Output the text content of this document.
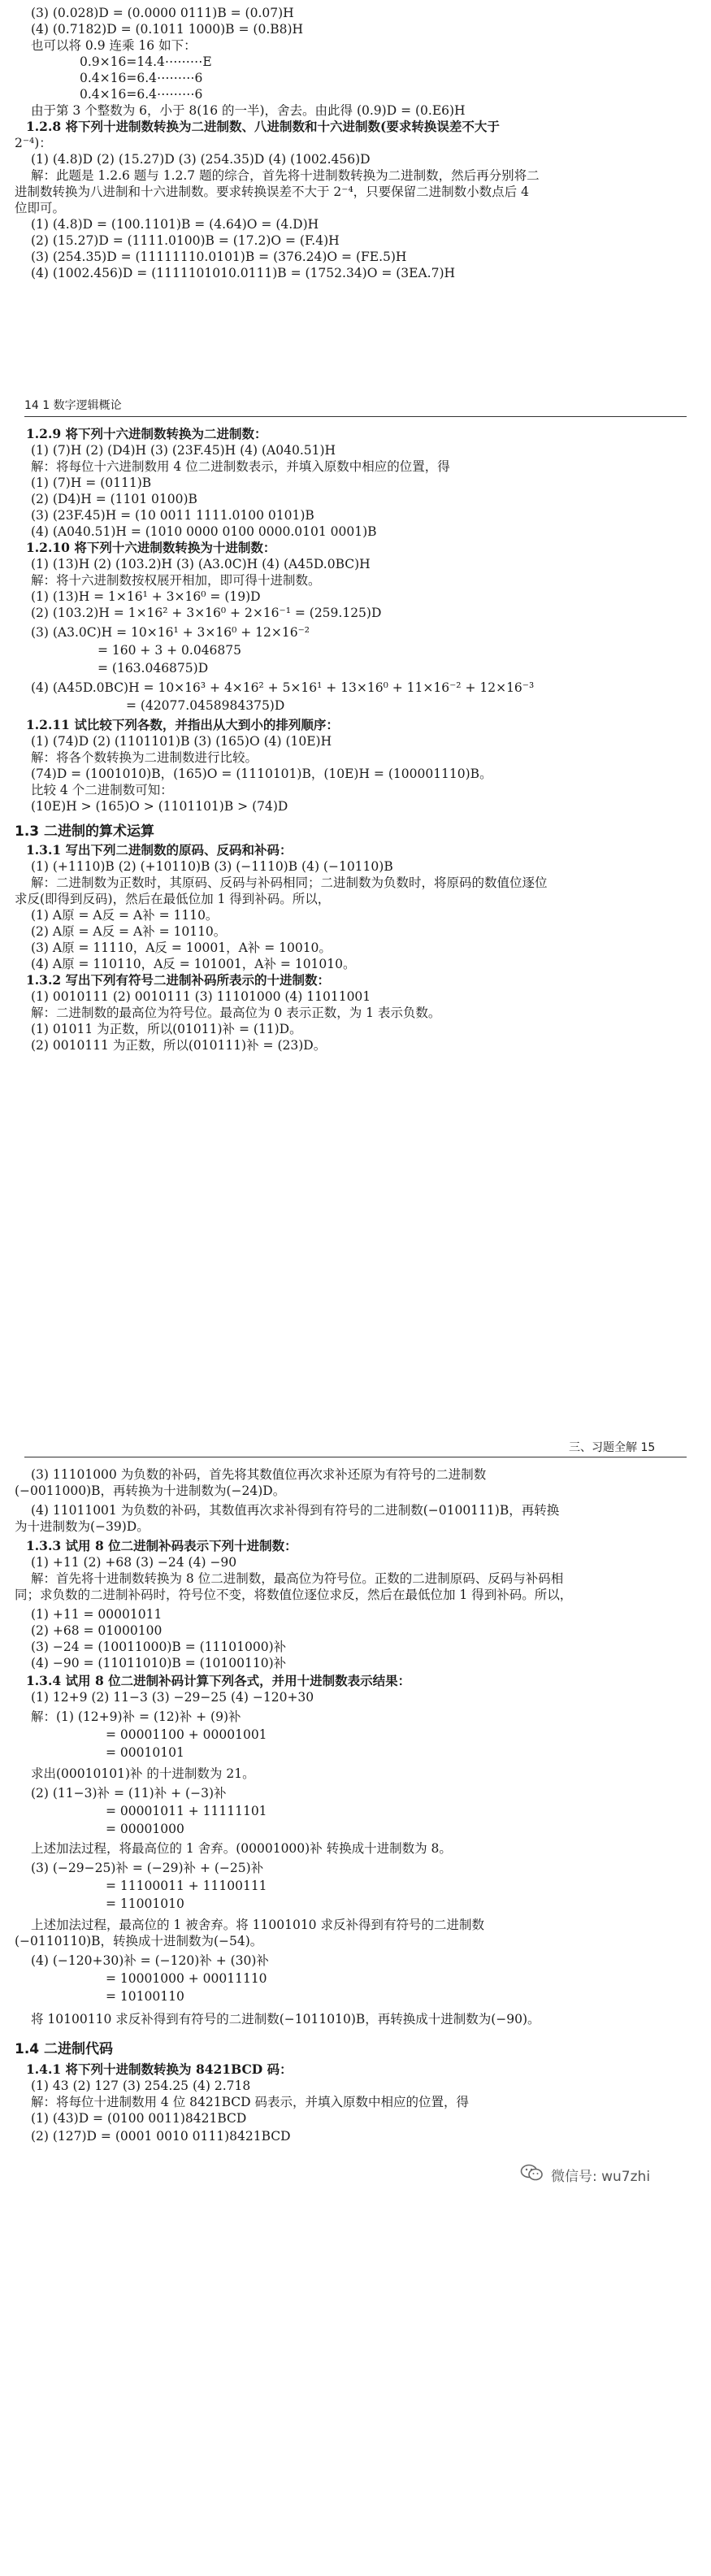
(3) (0.028)D = (0.0000 0111)B = (0.07)H
(4) (0.7182)D = (0.1011 1000)B = (0.B8)H
也可以将 0.9 连乘 16 如下：
0.9×16=14.4⋯⋯⋯E
0.4×16=6.4⋯⋯⋯6
0.4×16=6.4⋯⋯⋯6
由于第 3 个整数为 6，小于 8(16 的一半)，舍去。由此得 (0.9)D = (0.E6)H
1.2.8 将下列十进制数转换为二进制数、八进制数和十六进制数(要求转换误差不大于
2⁻⁴)：
(1) (4.8)D (2) (15.27)D (3) (254.35)D (4) (1002.456)D
解：此题是 1.2.6 题与 1.2.7 题的综合，首先将十进制数转换为二进制数，然后再分别将二
进制数转换为八进制和十六进制数。要求转换误差不大于 2⁻⁴，只要保留二进制数小数点后 4
位即可。
(1) (4.8)D = (100.1101)B = (4.64)O = (4.D)H
(2) (15.27)D = (1111.0100)B = (17.2)O = (F.4)H
(3) (254.35)D = (11111110.0101)B = (376.24)O = (FE.5)H
(4) (1002.456)D = (1111101010.0111)B = (1752.34)O = (3EA.7)H
14 1 数字逻辑概论
1.2.9 将下列十六进制数转换为二进制数：
(1) (7)H (2) (D4)H (3) (23F.45)H (4) (A040.51)H
解：将每位十六进制数用 4 位二进制数表示，并填入原数中相应的位置，得
(1) (7)H = (0111)B
(2) (D4)H = (1101 0100)B
(3) (23F.45)H = (10 0011 1111.0100 0101)B
(4) (A040.51)H = (1010 0000 0100 0000.0101 0001)B
1.2.10 将下列十六进制数转换为十进制数：
(1) (13)H (2) (103.2)H (3) (A3.0C)H (4) (A45D.0BC)H
解：将十六进制数按权展开相加，即可得十进制数。
(1) (13)H = 1×16¹ + 3×16⁰ = (19)D
(2) (103.2)H = 1×16² + 3×16⁰ + 2×16⁻¹ = (259.125)D
(3) (A3.0C)H = 10×16¹ + 3×16⁰ + 12×16⁻²
= 160 + 3 + 0.046875
= (163.046875)D
(4) (A45D.0BC)H = 10×16³ + 4×16² + 5×16¹ + 13×16⁰ + 11×16⁻² + 12×16⁻³
= (42077.0458984375)D
1.2.11 试比较下列各数，并指出从大到小的排列顺序：
(1) (74)D (2) (1101101)B (3) (165)O (4) (10E)H
解：将各个数转换为二进制数进行比较。
(74)D = (1001010)B，(165)O = (1110101)B，(10E)H = (100001110)B。
比较 4 个二进制数可知：
(10E)H > (165)O > (1101101)B > (74)D
1.3 二进制的算术运算
1.3.1 写出下列二进制数的原码、反码和补码：
(1) (+1110)B (2) (+10110)B (3) (−1110)B (4) (−10110)B
解：二进制数为正数时，其原码、反码与补码相同；二进制数为负数时，将原码的数值位逐位
求反(即得到反码)，然后在最低位加 1 得到补码。所以，
(1) A原 = A反 = A补 = 1110。
(2) A原 = A反 = A补 = 10110。
(3) A原 = 11110，A反 = 10001，A补 = 10010。
(4) A原 = 110110，A反 = 101001，A补 = 101010。
1.3.2 写出下列有符号二进制补码所表示的十进制数：
(1) 0010111 (2) 0010111 (3) 11101000 (4) 11011001
解：二进制数的最高位为符号位。最高位为 0 表示正数，为 1 表示负数。
(1) 01011 为正数，所以(01011)补 = (11)D。
(2) 0010111 为正数，所以(010111)补 = (23)D。
三、习题全解 15
(3) 11101000 为负数的补码，首先将其数值位再次求补还原为有符号的二进制数
(−0011000)B，再转换为十进制数为(−24)D。
(4) 11011001 为负数的补码，其数值再次求补得到有符号的二进制数(−0100111)B，再转换
为十进制数为(−39)D。
1.3.3 试用 8 位二进制补码表示下列十进制数：
(1) +11 (2) +68 (3) −24 (4) −90
解：首先将十进制数转换为 8 位二进制数，最高位为符号位。正数的二进制原码、反码与补码相
同；求负数的二进制补码时，符号位不变，将数值位逐位求反，然后在最低位加 1 得到补码。所以，
(1) +11 = 00001011
(2) +68 = 01000100
(3) −24 = (10011000)B = (11101000)补
(4) −90 = (11011010)B = (10100110)补
1.3.4 试用 8 位二进制补码计算下列各式，并用十进制数表示结果：
(1) 12+9 (2) 11−3 (3) −29−25 (4) −120+30
解：(1) (12+9)补 = (12)补 + (9)补
= 00001100 + 00001001
= 00010101
求出(00010101)补 的十进制数为 21。
(2) (11−3)补 = (11)补 + (−3)补
= 00001011 + 11111101
= 00001000
上述加法过程，将最高位的 1 舍弃。(00001000)补 转换成十进制数为 8。
(3) (−29−25)补 = (−29)补 + (−25)补
= 11100011 + 11100111
= 11001010
上述加法过程，最高位的 1 被舍弃。将 11001010 求反补得到有符号的二进制数
(−0110110)B，转换成十进制数为(−54)。
(4) (−120+30)补 = (−120)补 + (30)补
= 10001000 + 00011110
= 10100110
将 10100110 求反补得到有符号的二进制数(−1011010)B，再转换成十进制数为(−90)。
1.4 二进制代码
1.4.1 将下列十进制数转换为 8421BCD 码：
(1) 43 (2) 127 (3) 254.25 (4) 2.718
解：将每位十进制数用 4 位 8421BCD 码表示，并填入原数中相应的位置，得
(1) (43)D = (0100 0011)8421BCD
(2) (127)D = (0001 0010 0111)8421BCD
微信号: wu7zhi
